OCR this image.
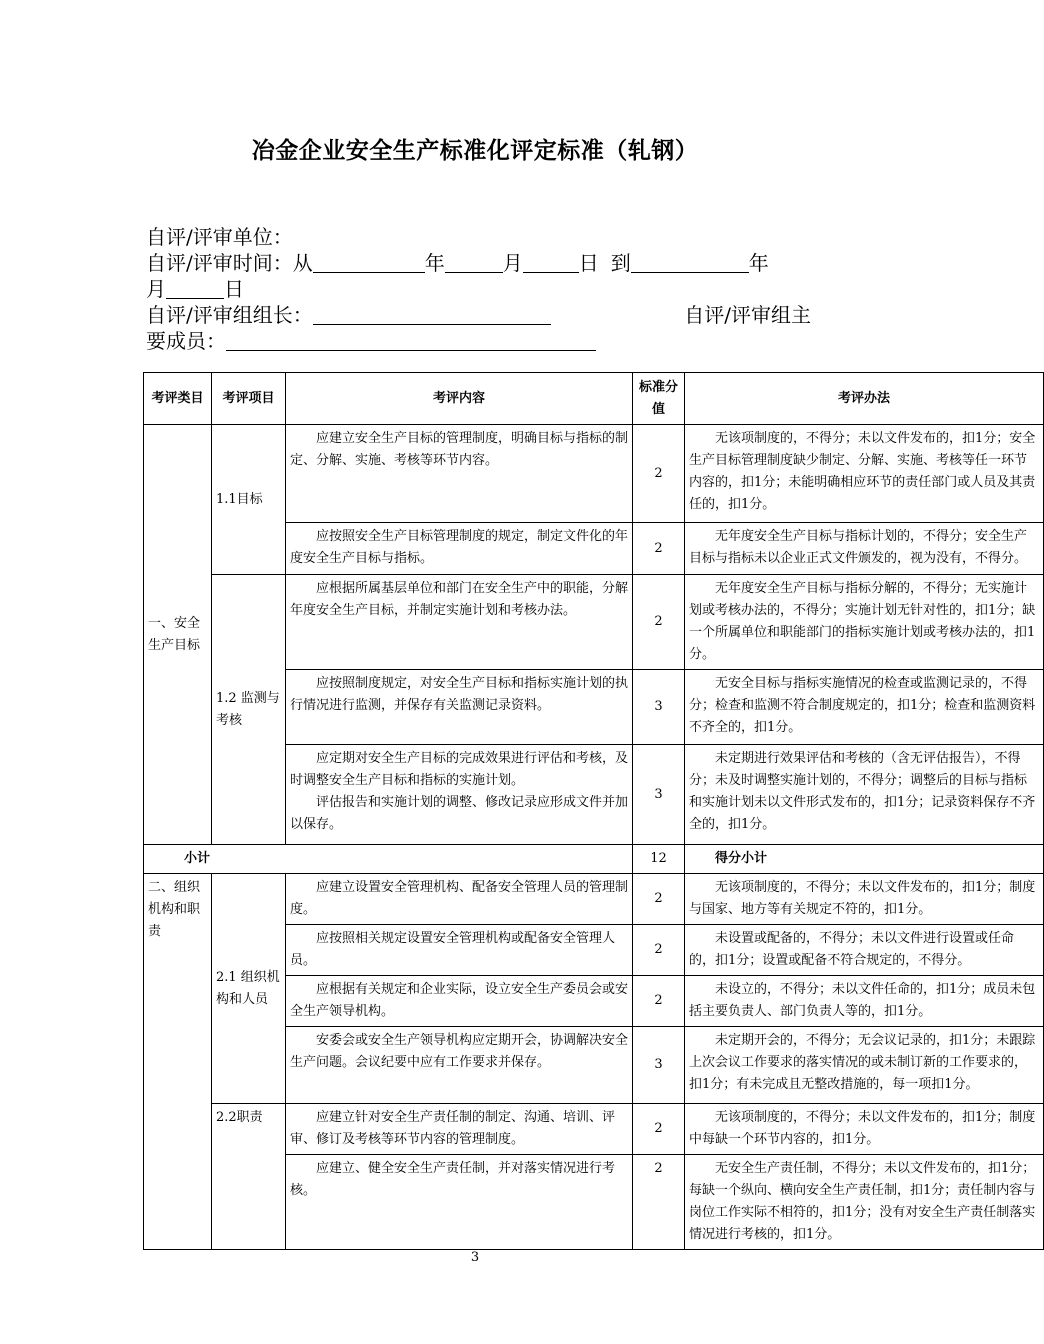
冶金企业安全生产标准化评定标准（轧钢）
自评/评审单位：
自评/评审时间：从	年	月	日 到	年
月	日
自评/评审组组长：	自评/评审组主
要成员：
考评类目	考评项目	考评内容	标准分值	考评办法
一、安全生产目标	1.1目标	应建立安全生产目标的管理制度，明确目标与指标的制定、分解、实施、考核等环节内容。	2	无该项制度的，不得分；未以文件发布的，扣1分；安全生产目标管理制度缺少制定、分解、实施、考核等任一环节内容的，扣1分；未能明确相应环节的责任部门或人员及其责任的，扣1分。
		应按照安全生产目标管理制度的规定，制定文件化的年度安全生产目标与指标。	2	无年度安全生产目标与指标计划的，不得分；安全生产目标与指标未以企业正式文件颁发的，视为没有，不得分。
	1.2 监测与考核	应根据所属基层单位和部门在安全生产中的职能，分解年度安全生产目标，并制定实施计划和考核办法。	2	无年度安全生产目标与指标分解的，不得分；无实施计划或考核办法的，不得分；实施计划无针对性的，扣1分；缺一个所属单位和职能部门的指标实施计划或考核办法的，扣1分。
		应按照制度规定，对安全生产目标和指标实施计划的执行情况进行监测，并保存有关监测记录资料。	3	无安全目标与指标实施情况的检查或监测记录的，不得分；检查和监测不符合制度规定的，扣1分；检查和监测资料不齐全的，扣1分。

		应定期对安全生产目标的完成效果进行评估和考核，及时调整安全生产目标和指标的实施计划。
评估报告和实施计划的调整、修改记录应形成文件并加以保存。	3	未定期进行效果评估和考核的（含无评估报告），不得分；未及时调整实施计划的，不得分；调整后的目标与指标和实施计划未以文件形式发布的，扣1分；记录资料保存不齐全的，扣1分。
小计			12	得分小计
二、组织机构和职责	2.1 组织机构和人员	应建立设置安全管理机构、配备安全管理人员的管理制度。	2	无该项制度的，不得分；未以文件发布的，扣1分；制度与国家、地方等有关规定不符的，扣1分。
		应按照相关规定设置安全管理机构或配备安全管理人员。	2	未设置或配备的，不得分；未以文件进行设置或任命的，扣1分；设置或配备不符合规定的，不得分。
		应根据有关规定和企业实际，设立安全生产委员会或安全生产领导机构。	2	未设立的，不得分；未以文件任命的，扣1分；成员未包括主要负责人、部门负责人等的，扣1分。
		安委会或安全生产领导机构应定期开会，协调解决安全生产问题。会议纪要中应有工作要求并保存。	3	未定期开会的，不得分；无会议记录的，扣1分；未跟踪上次会议工作要求的落实情况的或未制订新的工作要求的，扣1分；有未完成且无整改措施的，每一项扣1分。
	2.2职责	应建立针对安全生产责任制的制定、沟通、培训、评审、修订及考核等环节内容的管理制度。	2	无该项制度的，不得分；未以文件发布的，扣1分；制度中每缺一个环节内容的，扣1分。
		应建立、健全安全生产责任制，并对落实情况进行考核。	2	无安全生产责任制，不得分；未以文件发布的，扣1分；每缺一个纵向、横向安全生产责任制，扣1分；责任制内容与岗位工作实际不相符的，扣1分；没有对安全生产责任制落实情况进行考核的，扣1分。
3
